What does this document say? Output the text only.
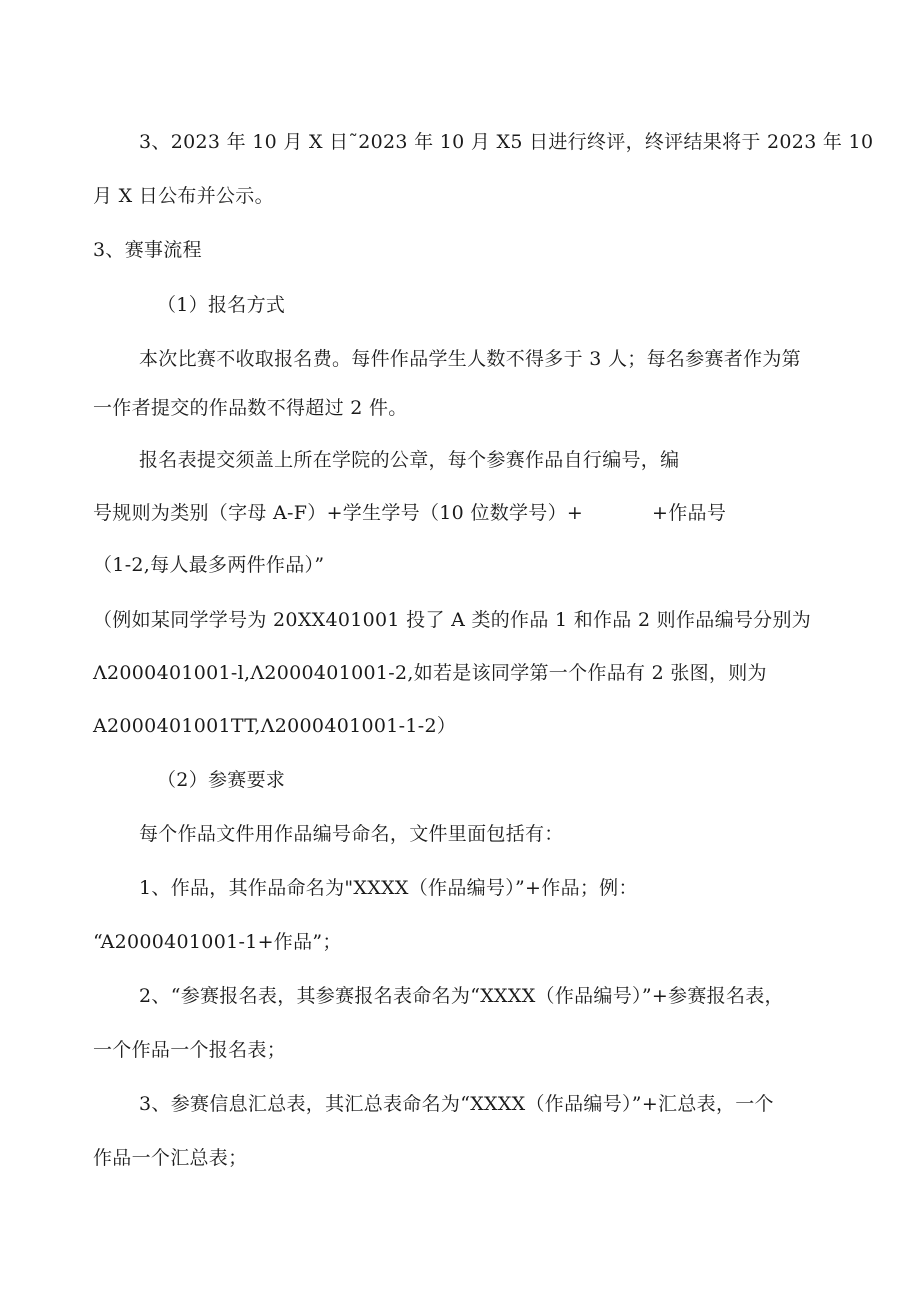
3、2023 年 10 月 X 日˜2023 年 10 月 X5 日进行终评，终评结果将于 2023 年 10
月 X 日公布并公示。
3、赛事流程
（1）报名方式
本次比赛不收取报名费。每件作品学生人数不得多于 3 人；每名参赛者作为第
一作者提交的作品数不得超过 2 件。
报名表提交须盖上所在学院的公章，每个参赛作品自行编号，编
号规则为类别（字母 A-F）+学生学号（10 位数学号）+	+作品号
（1-2,每人最多两件作品）”
（例如某同学学号为 20XX401001 投了 A 类的作品 1 和作品 2 则作品编号分别为
Λ2000401001-l,Λ2000401001-2,如若是该同学第一个作品有 2 张图，则为
A2000401001TT,Λ2000401001-1-2）
（2）参赛要求
每个作品文件用作品编号命名，文件里面包括有：
1、作品，其作品命名为"XXXX（作品编号）”+作品；例：
“A2000401001-1+作品”；
2、“参赛报名表，其参赛报名表命名为“XXXX（作品编号）”+参赛报名表，
一个作品一个报名表；
3、参赛信息汇总表，其汇总表命名为“XXXX（作品编号）”+汇总表，一个
作品一个汇总表；
